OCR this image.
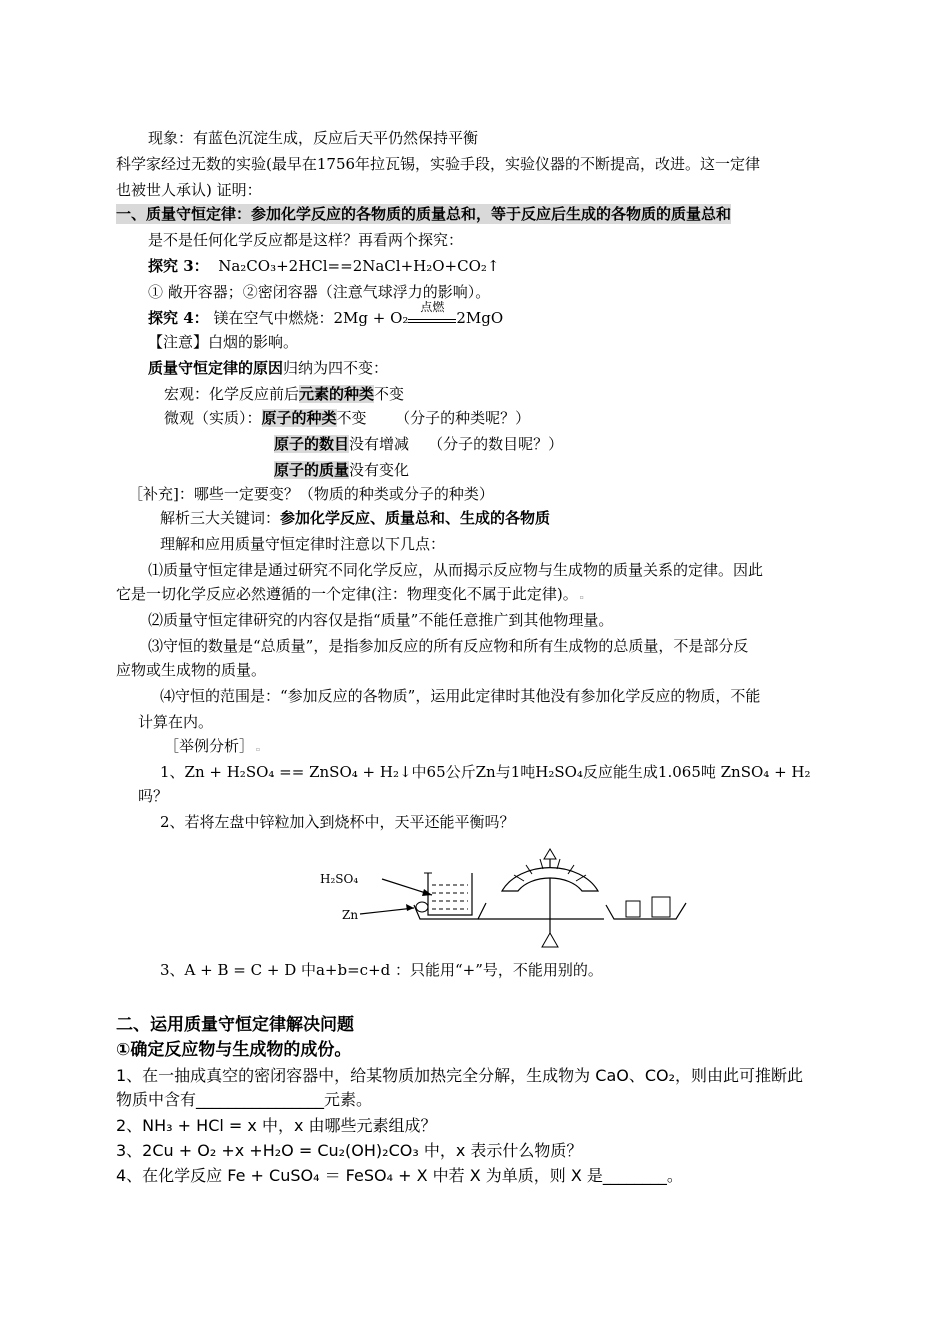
现象：有蓝色沉淀生成，反应后天平仍然保持平衡
科学家经过无数的实验(最早在1756年拉瓦锡，实验手段，实验仪器的不断提高，改进。这一定律
也被世人承认) 证明：
一、质量守恒定律：参加化学反应的各物质的质量总和，等于反应后生成的各物质的质量总和
是不是任何化学反应都是这样？再看两个探究：
探究 3： Na₂CO₃+2HCl==2NaCl+H₂O+CO₂↑
① 敞开容器；②密闭容器（注意气球浮力的影响）。
探究 4： 镁在空气中燃烧：2Mg + O₂
点燃
2MgO
【注意】白烟的影响。
质量守恒定律的原因归纳为四不变：
宏观：化学反应前后元素的种类不变
微观（实质）：原子的种类不变      （分子的种类呢？）
原子的数目没有增减    （分子的数目呢？）
原子的质量没有变化
［补充]：哪些一定要变？（物质的种类或分子的种类）
解析三大关键词：参加化学反应、质量总和、生成的各物质
理解和应用质量守恒定律时注意以下几点：
⑴质量守恒定律是通过研究不同化学反应，从而揭示反应物与生成物的质量关系的定律。因此
它是一切化学反应必然遵循的一个定律(注：物理变化不属于此定律)。 ▫
⑵质量守恒定律研究的内容仅是指“质量”不能任意推广到其他物理量。
⑶守恒的数量是“总质量”，是指参加反应的所有反应物和所有生成物的总质量，不是部分反
应物或生成物的质量。
⑷守恒的范围是：“参加反应的各物质”，运用此定律时其他没有参加化学反应的物质，不能
计算在内。
［举例分析］ ▫
1、Zn + H₂SO₄ == ZnSO₄ + H₂↓中65公斤Zn与1吨H₂SO₄反应能生成1.065吨 ZnSO₄ + H₂
吗？
2、若将左盘中锌粒加入到烧杯中，天平还能平衡吗？
H₂SO₄
Zn
3、A + B = C + D 中a+b=c+d ：只能用“+”号，不能用别的。
二、运用质量守恒定律解决问题
①确定反应物与生成物的成份。
1、在一抽成真空的密闭容器中，给某物质加热完全分解，生成物为 CaO、CO₂，则由此可推断此
物质中含有________________元素。
2、NH₃ + HCl = x 中，x 由哪些元素组成？
3、2Cu + O₂ +x +H₂O = Cu₂(OH)₂CO₃ 中，x 表示什么物质？
4、在化学反应 Fe + CuSO₄ ＝ FeSO₄ + X 中若 X 为单质，则 X 是________。
